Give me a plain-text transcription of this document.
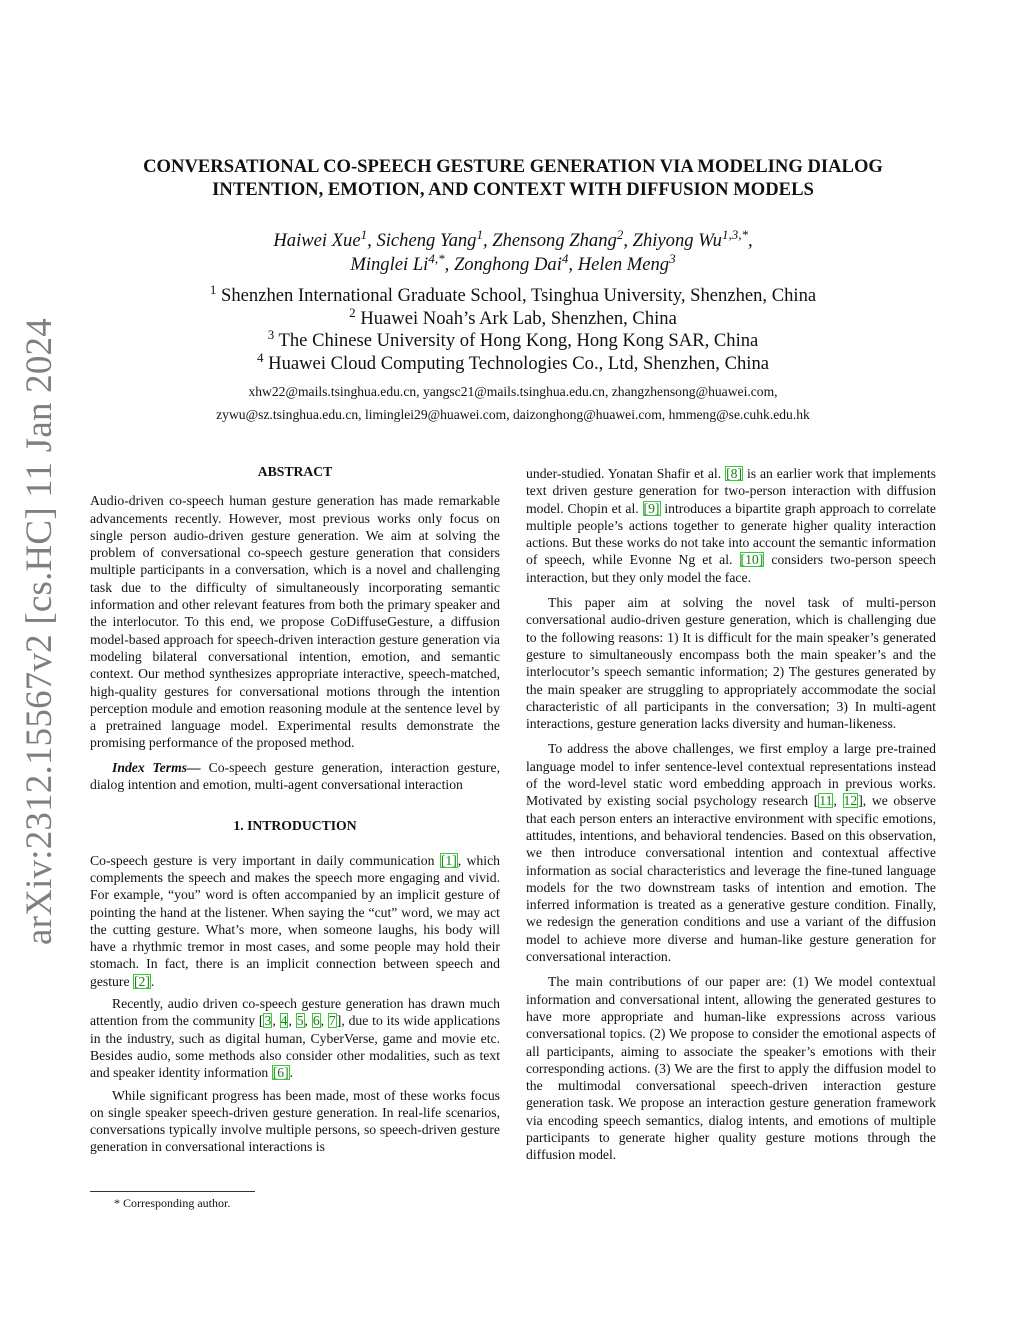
arXiv:2312.15567v2 [cs.HC] 11 Jan 2024
CONVERSATIONAL CO-SPEECH GESTURE GENERATION VIA MODELING DIALOG
INTENTION, EMOTION, AND CONTEXT WITH DIFFUSION MODELS
Haiwei Xue$^1$, Sicheng Yang$^1$, Zhensong Zhang$^2$, Zhiyong $Wu^{1,3,*}$,
Minglei $Li^{4,*}$, Zonghong Dai$^4$, Helen Meng$^3$
$^1$ Shenzhen International Graduate School, Tsinghua University, Shenzhen, China
$^2$ Huawei Noah’s Ark Lab, Shenzhen, China
$^3$ The Chinese University of Hong Kong, Hong Kong SAR, China
$^4$ Huawei Cloud Computing Technologies Co., Ltd, Shenzhen, China
xhw22@mails.tsinghua.edu.cn, yangsc21@mails.tsinghua.edu.cn, zhangzhensong@huawei.com,
zywu@sz.tsinghua.edu.cn, liminglei29@huawei.com, daizonghong@huawei.com, hmmeng@se.cuhk.edu.hk
ABSTRACT

Audio-driven co-speech human gesture generation has made remarkable advancements recently. However, most previous works only focus on single person audio-driven gesture generation. We aim at solving the problem of conversational co-speech gesture generation that considers multiple participants in a conversation, which is a novel and challenging task due to the difficulty of simultaneously incorporating semantic information and other relevant features from both the primary speaker and the interlocutor. To this end, we propose CoDiffuseGesture, a diffusion model-based approach for speech-driven interaction gesture generation via modeling bilateral conversational intention, emotion, and semantic context. Our method synthesizes appropriate interactive, speech-matched, high-quality gestures for conversational motions through the intention perception module and emotion reasoning module at the sentence level by a pretrained language model. Experimental results demonstrate the promising performance of the proposed method.

Index Terms— Co-speech gesture generation, interaction gesture, dialog intention and emotion, multi-agent conversational interaction

1. INTRODUCTION

Co-speech gesture is very important in daily communication [1], which complements the speech and makes the speech more engaging and vivid. For example, “you” word is often accompanied by an implicit gesture of pointing the hand at the listener. When saying the “cut” word, we may act the cutting gesture. What’s more, when someone laughs, his body will have a rhythmic tremor in most cases, and some people may hold their stomach. In fact, there is an implicit connection between speech and gesture [2].

Recently, audio driven co-speech gesture generation has drawn much attention from the community [3, 4, 5, 6, 7], due to its wide applications in the industry, such as digital human, CyberVerse, game and movie etc. Besides audio, some methods also consider other modalities, such as text and speaker identity information [6].

While significant progress has been made, most of these works focus on single speaker speech-driven gesture generation. In real-life scenarios, conversations typically involve multiple persons, so speech-driven gesture generation in conversational interactions is

under-studied. Yonatan Shafir et al. [8] is an earlier work that implements text driven gesture generation for two-person interaction with diffusion model. Chopin et al. [9] introduces a bipartite graph approach to correlate multiple people’s actions together to generate higher quality interaction actions. But these works do not take into account the semantic information of speech, while Evonne Ng et al. [10] considers two-person speech interaction, but they only model the face.

This paper aim at solving the novel task of multi-person conversational audio-driven gesture generation, which is challenging due to the following reasons: 1) It is difficult for the main speaker’s generated gesture to simultaneously encompass both the main speaker’s and the interlocutor’s speech semantic information; 2) The gestures generated by the main speaker are struggling to appropriately accommodate the social characteristic of all participants in the conversation; 3) In multi-agent interactions, gesture generation lacks diversity and human-likeness.

To address the above challenges, we first employ a large pre-trained language model to infer sentence-level contextual representations instead of the word-level static word embedding approach in previous works. Motivated by existing social psychology research [11, 12], we observe that each person enters an interactive environment with specific emotions, attitudes, intentions, and behavioral tendencies. Based on this observation, we then introduce conversational intention and contextual affective information as social characteristics and leverage the fine-tuned language models for the two downstream tasks of intention and emotion. The inferred information is treated as a generative gesture condition. Finally, we redesign the generation conditions and use a variant of the diffusion model to achieve more diverse and human-like gesture generation for conversational interaction.

The main contributions of our paper are: (1) We model contextual information and conversational intent, allowing the generated gestures to have more appropriate and human-like expressions across various conversational topics. (2) We propose to consider the emotional aspects of all participants, aiming to associate the speaker’s emotions with their corresponding actions. (3) We are the first to apply the diffusion model to the multimodal conversational speech-driven interaction gesture generation task. We propose an interaction gesture generation framework via encoding speech semantics, dialog intents, and emotions of multiple participants to generate higher quality gesture motions through the diffusion model.

* Corresponding author.
